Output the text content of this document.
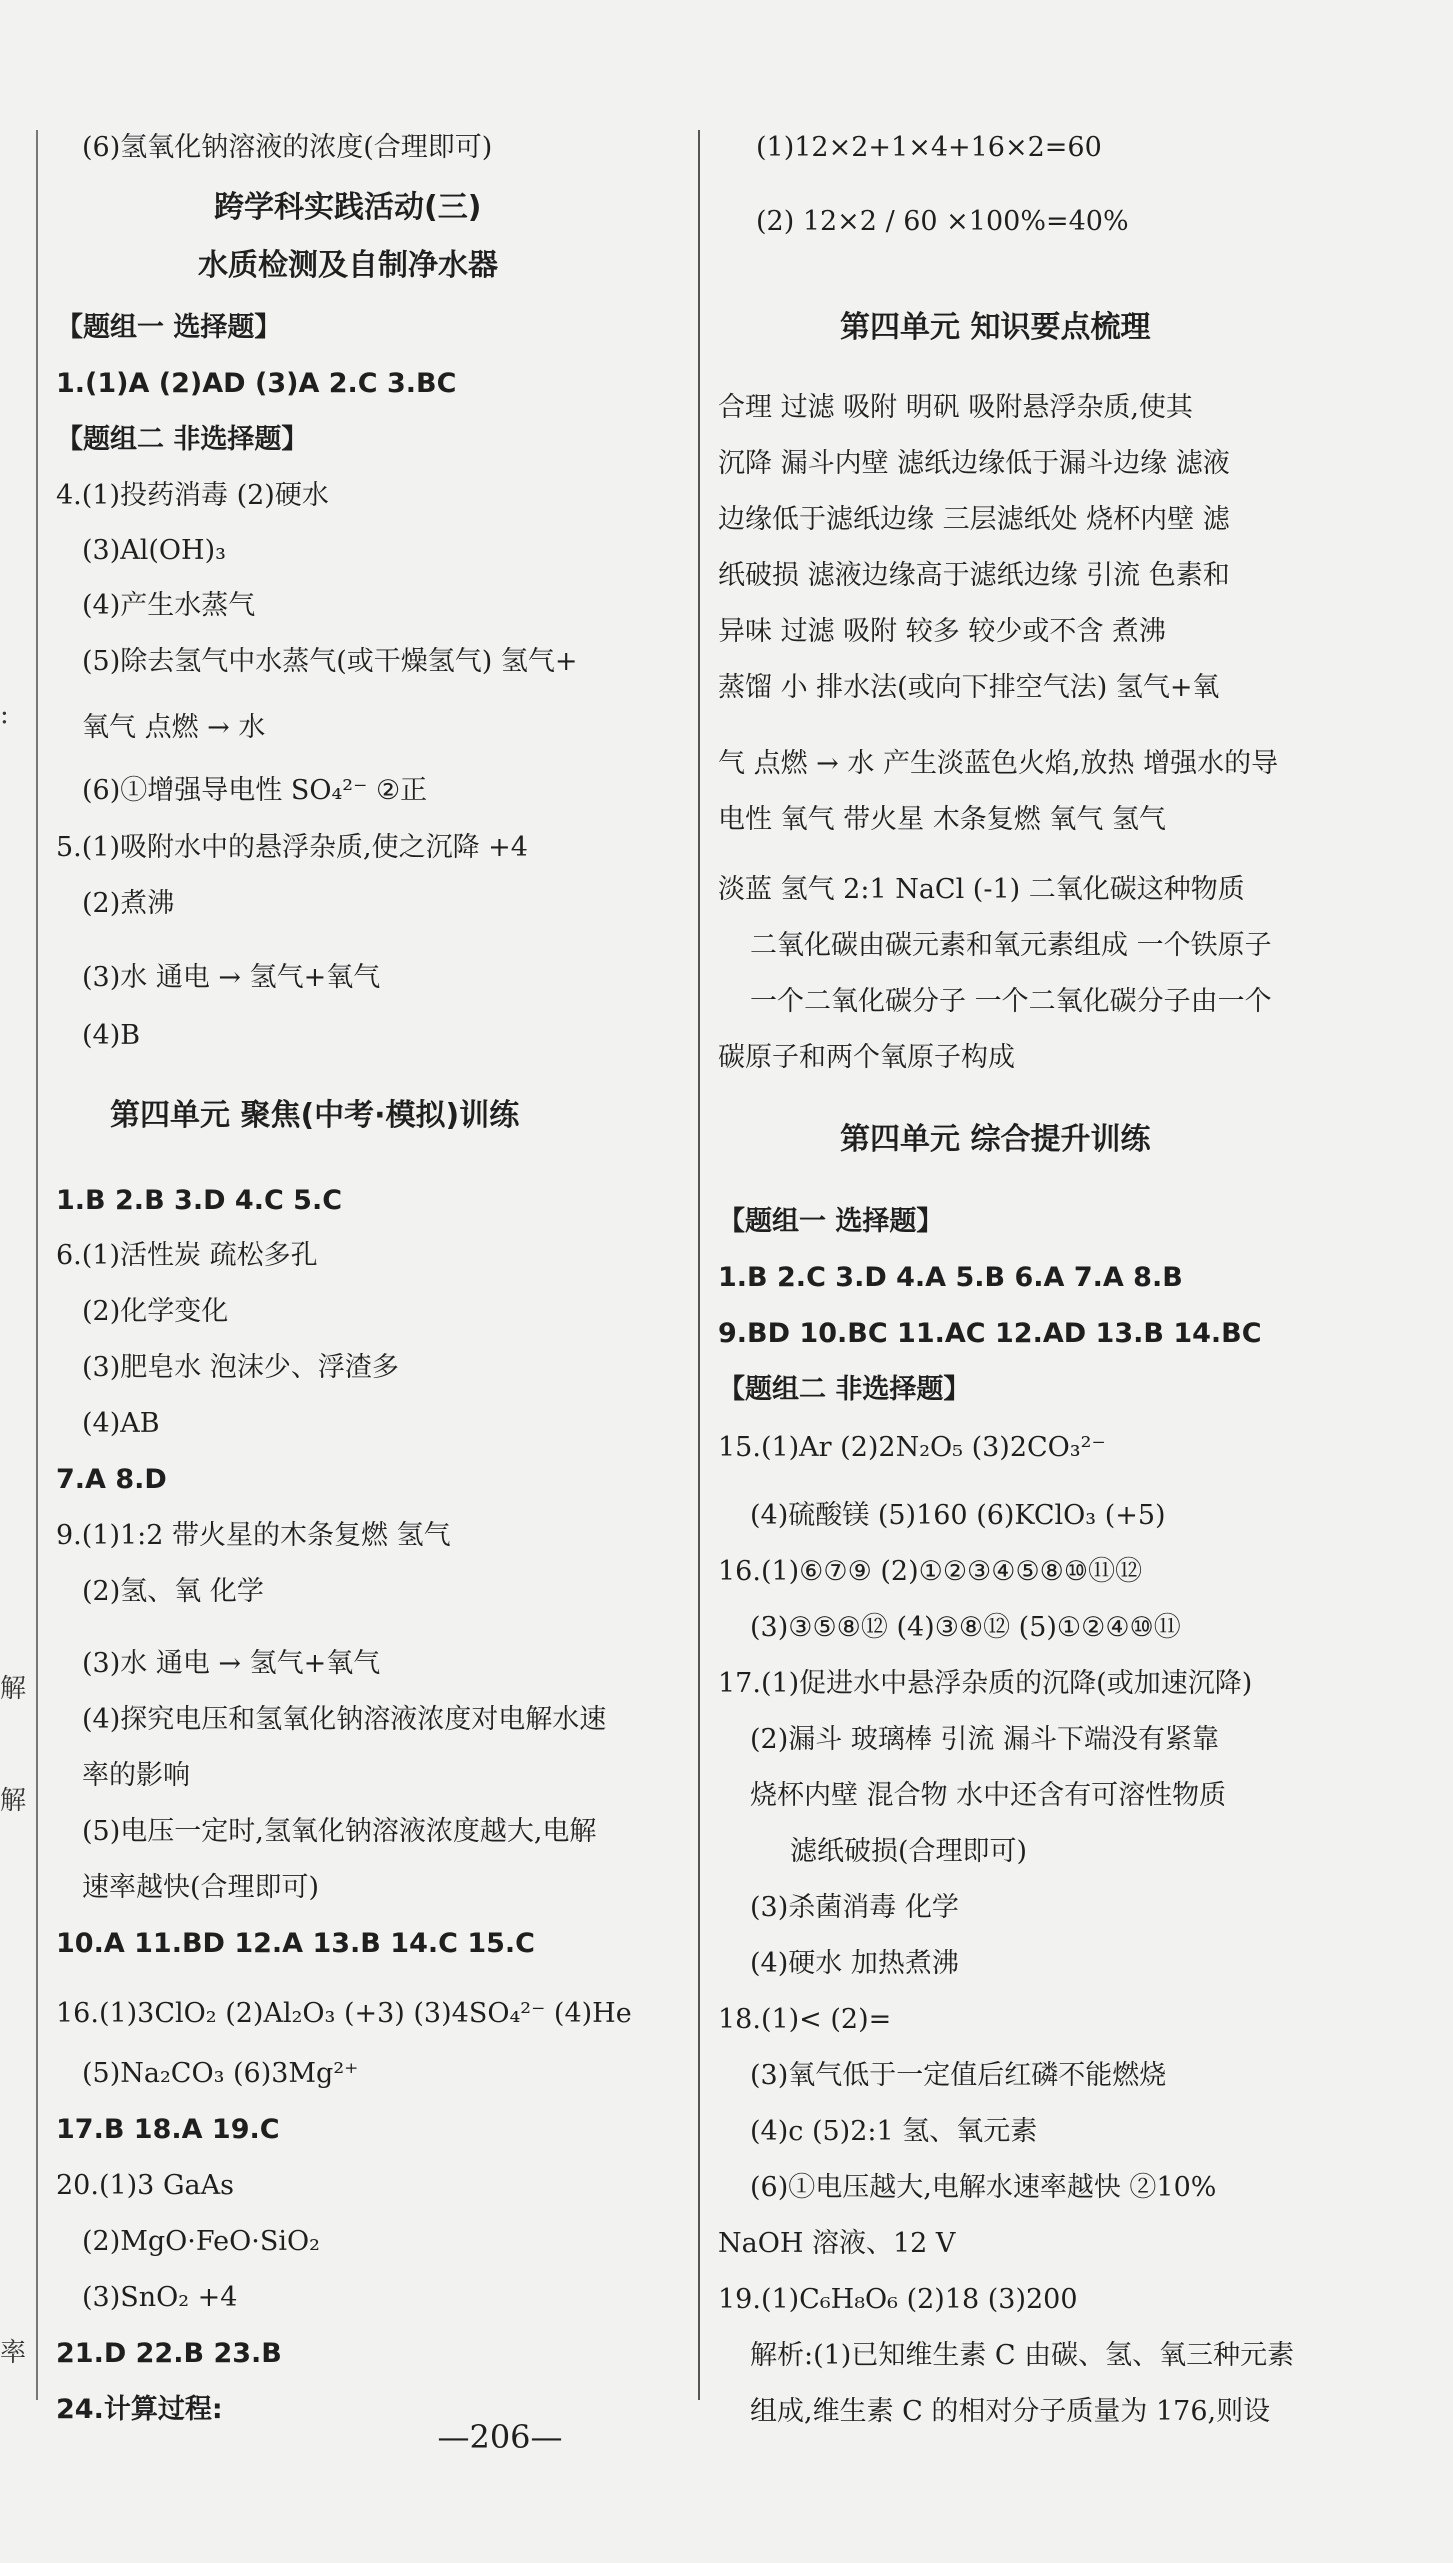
:
解
解
率
(6)氢氧化钠溶液的浓度(合理即可)
跨学科实践活动(三)
水质检测及自制净水器
【题组一 选择题】
1.(1)A (2)AD (3)A 2.C 3.BC
【题组二 非选择题】
4.(1)投药消毒 (2)硬水
(3)Al(OH)₃
(4)产生水蒸气
(5)除去氢气中水蒸气(或干燥氢气) 氢气+
氧气 点燃 → 水
(6)①增强导电性 SO₄²⁻ ②正
5.(1)吸附水中的悬浮杂质,使之沉降 +4
(2)煮沸
(3)水 通电 → 氢气+氧气
(4)B
第四单元 聚焦(中考·模拟)训练
1.B 2.B 3.D 4.C 5.C
6.(1)活性炭 疏松多孔
(2)化学变化
(3)肥皂水 泡沫少、浮渣多
(4)AB
7.A 8.D
9.(1)1:2 带火星的木条复燃 氢气
(2)氢、氧 化学
(3)水 通电 → 氢气+氧气
(4)探究电压和氢氧化钠溶液浓度对电解水速
率的影响
(5)电压一定时,氢氧化钠溶液浓度越大,电解
速率越快(合理即可)
10.A 11.BD 12.A 13.B 14.C 15.C
16.(1)3ClO₂ (2)Al₂O₃ (+3) (3)4SO₄²⁻ (4)He
(5)Na₂CO₃ (6)3Mg²⁺
17.B 18.A 19.C
20.(1)3 GaAs
(2)MgO·FeO·SiO₂
(3)SnO₂ +4
21.D 22.B 23.B
24.计算过程:
(1)12×2+1×4+16×2=60
(2) 12×2 / 60 ×100%=40%
第四单元 知识要点梳理
合理 过滤 吸附 明矾 吸附悬浮杂质,使其
沉降 漏斗内壁 滤纸边缘低于漏斗边缘 滤液
边缘低于滤纸边缘 三层滤纸处 烧杯内壁 滤
纸破损 滤液边缘高于滤纸边缘 引流 色素和
异味 过滤 吸附 较多 较少或不含 煮沸
蒸馏 小 排水法(或向下排空气法) 氢气+氧
气 点燃 → 水 产生淡蓝色火焰,放热 增强水的导
电性 氧气 带火星 木条复燃 氧气 氢气
淡蓝 氢气 2:1 NaCl (-1) 二氧化碳这种物质
二氧化碳由碳元素和氧元素组成 一个铁原子
一个二氧化碳分子 一个二氧化碳分子由一个
碳原子和两个氧原子构成
第四单元 综合提升训练
【题组一 选择题】
1.B 2.C 3.D 4.A 5.B 6.A 7.A 8.B
9.BD 10.BC 11.AC 12.AD 13.B 14.BC
【题组二 非选择题】
15.(1)Ar (2)2N₂O₅ (3)2CO₃²⁻
(4)硫酸镁 (5)160 (6)KClO₃ (+5)
16.(1)⑥⑦⑨ (2)①②③④⑤⑧⑩⑪⑫
(3)③⑤⑧⑫ (4)③⑧⑫ (5)①②④⑩⑪
17.(1)促进水中悬浮杂质的沉降(或加速沉降)
(2)漏斗 玻璃棒 引流 漏斗下端没有紧靠
烧杯内壁 混合物 水中还含有可溶性物质
滤纸破损(合理即可)
(3)杀菌消毒 化学
(4)硬水 加热煮沸
18.(1)< (2)=
(3)氧气低于一定值后红磷不能燃烧
(4)c (5)2:1 氢、氧元素
(6)①电压越大,电解水速率越快 ②10%
NaOH 溶液、12 V
19.(1)C₆H₈O₆ (2)18 (3)200
解析:(1)已知维生素 C 由碳、氢、氧三种元素
组成,维生素 C 的相对分子质量为 176,则设
—206—
